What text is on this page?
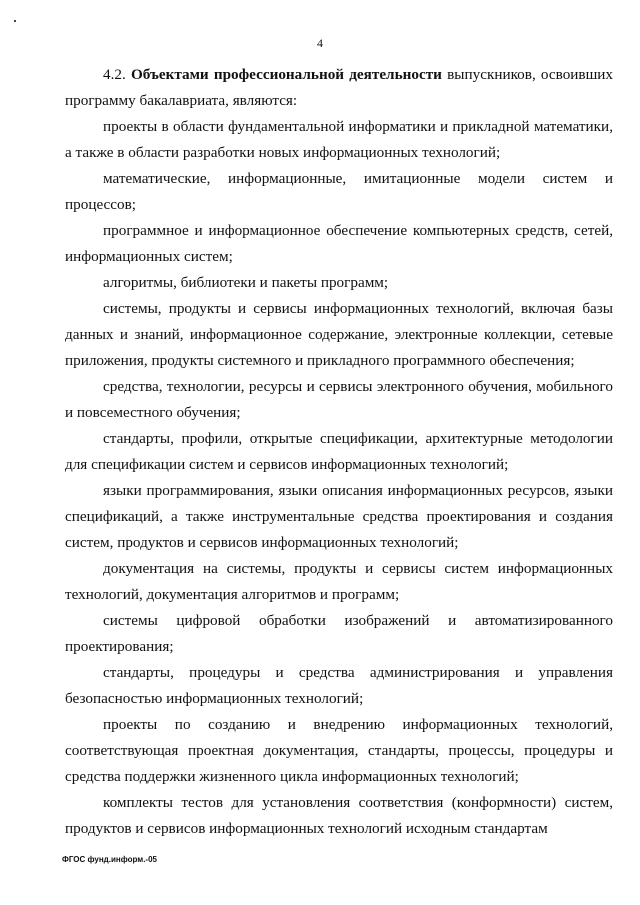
4

4.2. Объектами профессиональной деятельности выпускников, освоивших программу бакалавриата, являются:

проекты в области фундаментальной информатики и прикладной математики, а также в области разработки новых информационных технологий;

математические, информационные, имитационные модели систем и процессов;

программное и информационное обеспечение компьютерных средств, сетей, информационных систем;

алгоритмы, библиотеки и пакеты программ;

системы, продукты и сервисы информационных технологий, включая базы данных и знаний, информационное содержание, электронные коллекции, сетевые приложения, продукты системного и прикладного программного обеспечения;

средства, технологии, ресурсы и сервисы электронного обучения, мобильного и повсеместного обучения;

стандарты, профили, открытые спецификации, архитектурные методологии для спецификации систем и сервисов информационных технологий;

языки программирования, языки описания информационных ресурсов, языки спецификаций, а также инструментальные средства проектирования и создания систем, продуктов и сервисов информационных технологий;

документация на системы, продукты и сервисы систем информационных технологий, документация алгоритмов и программ;

системы цифровой обработки изображений и автоматизированного проектирования;

стандарты, процедуры и средства администрирования и управления безопасностью информационных технологий;

проекты по созданию и внедрению информационных технологий, соответствующая проектная документация, стандарты, процессы, процедуры и средства поддержки жизненного цикла информационных технологий;

комплекты тестов для установления соответствия (конформности) систем, продуктов и сервисов информационных технологий исходным стандартам

ФГОС фунд.информ.-05
